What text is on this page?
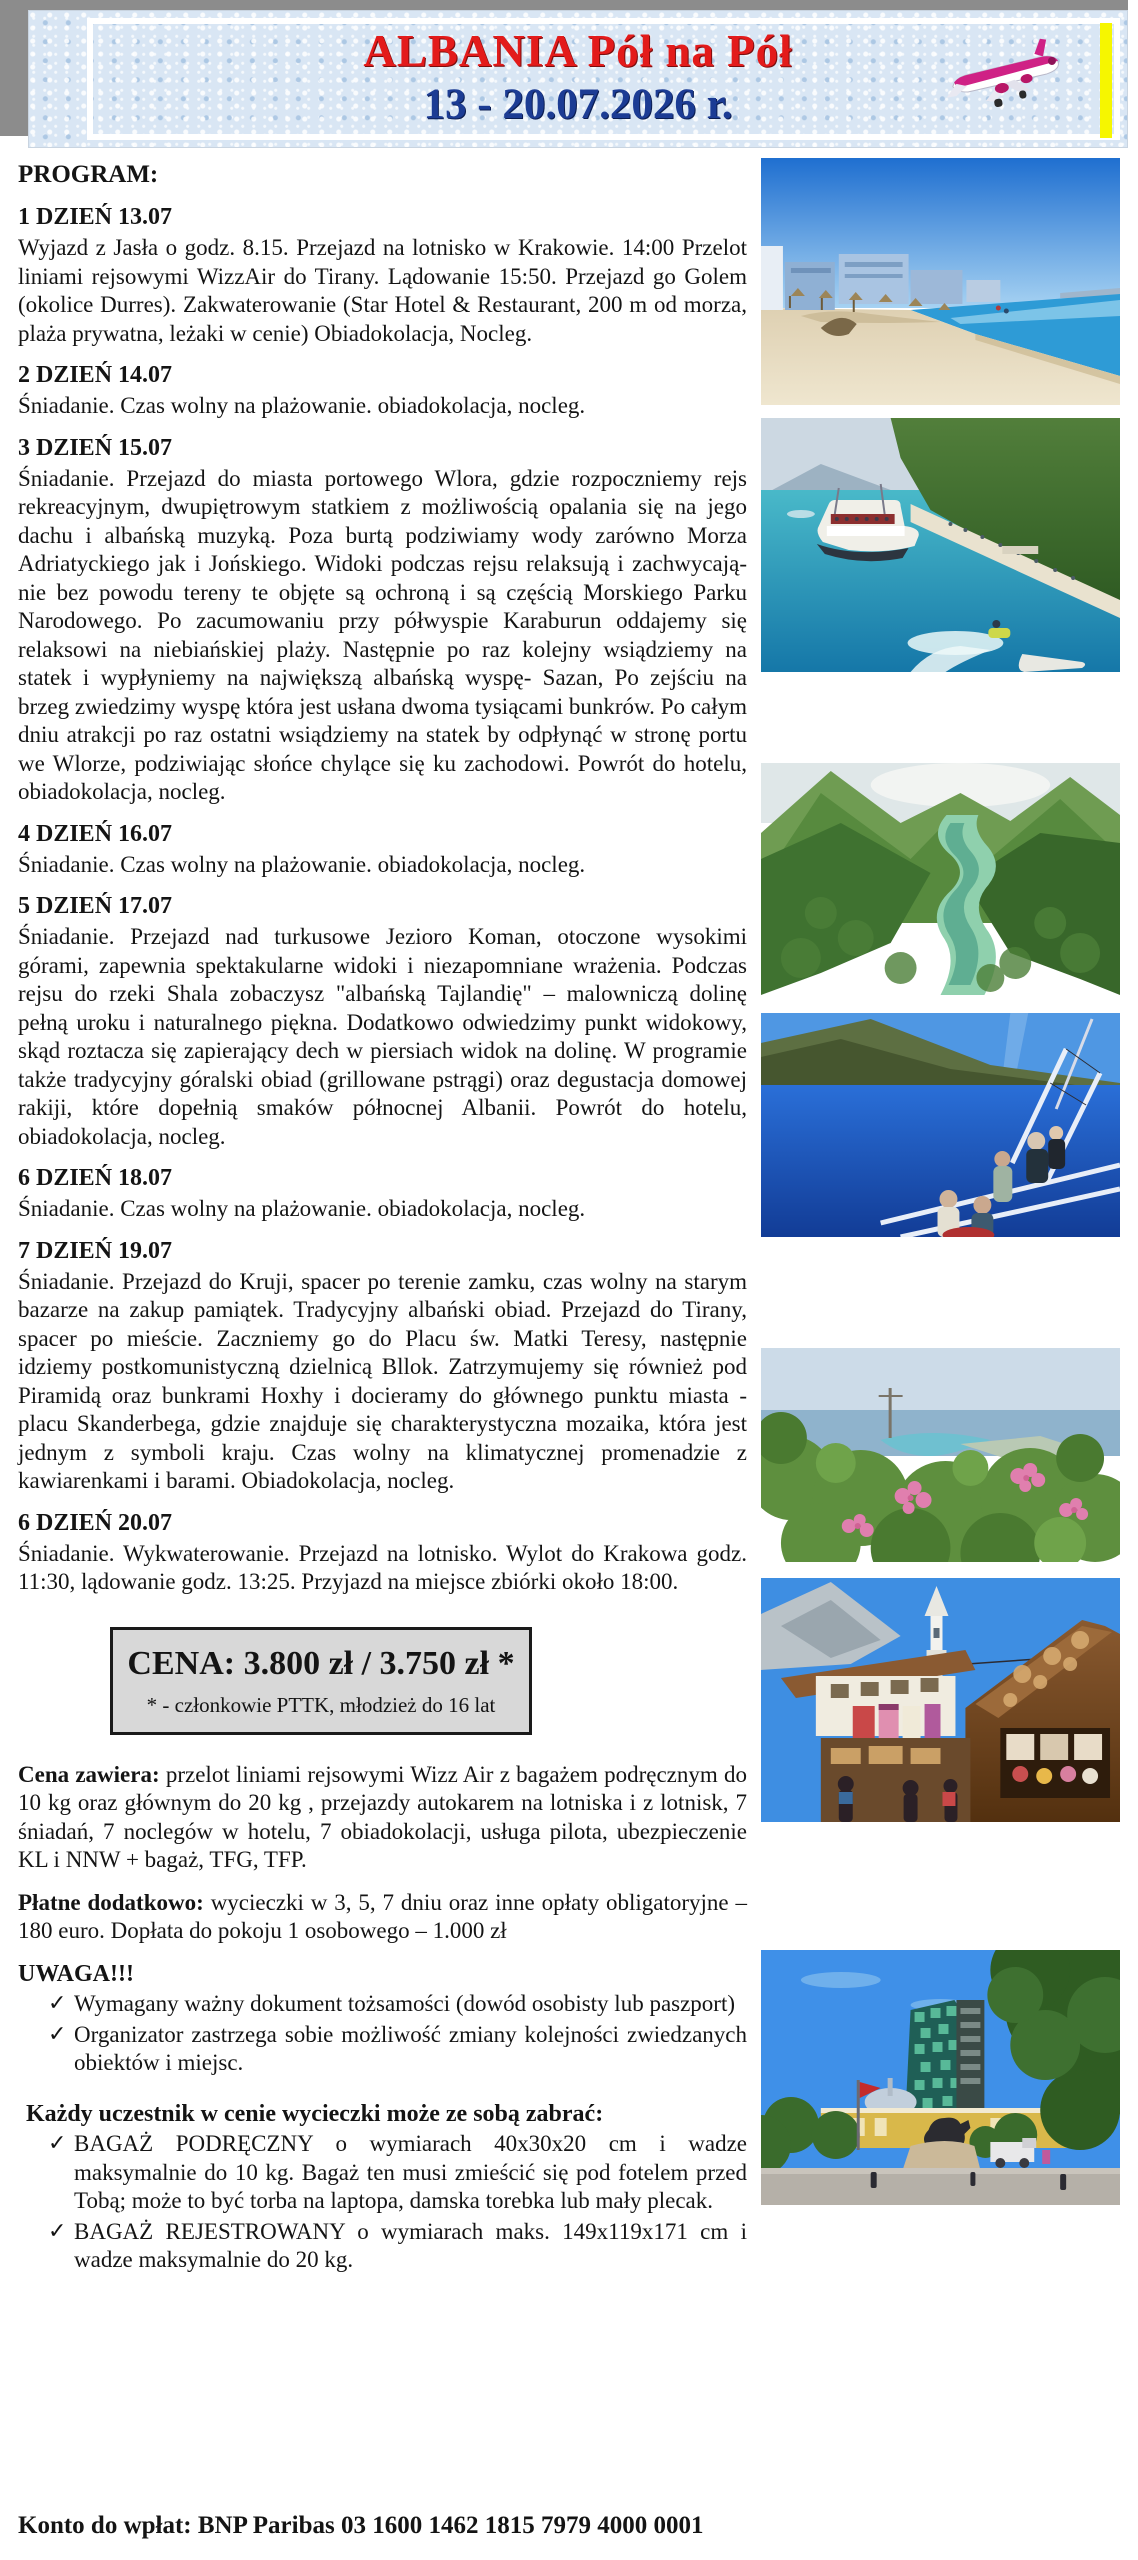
ALBANIA Pół na Pół
13 - 20.07.2026 r.
PROGRAM:
1 DZIEŃ 13.07
Wyjazd z Jasła o godz. 8.15. Przejazd na lotnisko w Krakowie. 14:00 Przelot liniami rejsowymi WizzAir do Tirany. Lądowanie 15:50. Przejazd go Golem (okolice Durres). Zakwaterowanie (Star Hotel & Restaurant, 200 m od morza, plaża prywatna, leżaki w cenie) Obiadokolacja, Nocleg.
2 DZIEŃ 14.07
Śniadanie. Czas wolny na plażowanie. obiadokolacja, nocleg.
3 DZIEŃ 15.07
Śniadanie. Przejazd do miasta portowego Wlora, gdzie rozpoczniemy rejs rekreacyjnym, dwupiętrowym statkiem z możliwością opalania się na jego dachu i albańską muzyką. Poza burtą podziwiamy wody zarówno Morza Adriatyckiego jak i Jońskiego. Widoki podczas rejsu relaksują i zachwycają- nie bez powodu tereny te objęte są ochroną i są częścią Morskiego Parku Narodowego. Po zacumowaniu przy półwyspie Karaburun oddajemy się relaksowi na niebiańskiej plaży. Następnie po raz kolejny wsiądziemy na statek i wypłyniemy na największą albańską wyspę- Sazan, Po zejściu na brzeg zwiedzimy wyspę która jest usłana dwoma tysiącami bunkrów. Po całym dniu atrakcji po raz ostatni wsiądziemy na statek by odpłynąć w stronę portu we Wlorze, podziwiając słońce chylące się ku zachodowi. Powrót do hotelu, obiadokolacja, nocleg.
4 DZIEŃ 16.07
Śniadanie. Czas wolny na plażowanie. obiadokolacja, nocleg.
5 DZIEŃ 17.07
Śniadanie. Przejazd nad turkusowe Jezioro Koman, otoczone wysokimi górami, zapewnia spektakularne widoki i niezapomniane wrażenia. Podczas rejsu do rzeki Shala zobaczysz "albańską Tajlandię" – malowniczą dolinę pełną uroku i naturalnego piękna. Dodatkowo odwiedzimy punkt widokowy, skąd roztacza się zapierający dech w piersiach widok na dolinę. W programie także tradycyjny góralski obiad (grillowane pstrągi) oraz degustacja domowej rakiji, które dopełnią smaków północnej Albanii. Powrót do hotelu, obiadokolacja, nocleg.
6 DZIEŃ 18.07
Śniadanie. Czas wolny na plażowanie. obiadokolacja, nocleg.
7 DZIEŃ 19.07
Śniadanie. Przejazd do Kruji, spacer po terenie zamku, czas wolny na starym bazarze na zakup pamiątek. Tradycyjny albański obiad. Przejazd do Tirany, spacer po mieście. Zaczniemy go do Placu św. Matki Teresy, następnie idziemy postkomunistyczną dzielnicą Bllok. Zatrzymujemy się również pod Piramidą oraz bunkrami Hoxhy i docieramy do głównego punktu miasta - placu Skanderbega, gdzie znajduje się charakterystyczna mozaika, która jest jednym z symboli kraju. Czas wolny na klimatycznej promenadzie z kawiarenkami i barami. Obiadokolacja, nocleg.
6 DZIEŃ 20.07
Śniadanie. Wykwaterowanie. Przejazd na lotnisko. Wylot do Krakowa godz. 11:30, lądowanie godz. 13:25. Przyjazd na miejsce zbiórki około 18:00.
CENA: 3.800 zł / 3.750 zł *
* - członkowie PTTK, młodzież do 16 lat
Cena zawiera: przelot liniami rejsowymi Wizz Air z bagażem podręcznym do 10 kg oraz głównym do 20 kg , przejazdy autokarem na lotniska i z lotnisk, 7 śniadań, 7 noclegów w hotelu, 7 obiadokolacji, usługa pilota, ubezpieczenie KL i NNW + bagaż, TFG, TFP.
Płatne dodatkowo: wycieczki w 3, 5, 7 dniu oraz inne opłaty obligatoryjne – 180 euro. Dopłata do pokoju 1 osobowego – 1.000 zł
UWAGA!!!
✓ Wymagany ważny dokument tożsamości (dowód osobisty lub paszport)
✓ Organizator zastrzega sobie możliwość zmiany kolejności zwiedzanych obiektów i miejsc.
Każdy uczestnik w cenie wycieczki może ze sobą zabrać:
✓ BAGAŻ PODRĘCZNY o wymiarach 40x30x20 cm i wadze maksymalnie do 10 kg. Bagaż ten musi zmieścić się pod fotelem przed Tobą; może to być torba na laptopa, damska torebka lub mały plecak.
✓ BAGAŻ REJESTROWANY o wymiarach maks. 149x119x171 cm i wadze maksymalnie do 20 kg.
Konto do wpłat: BNP Paribas 03 1600 1462 1815 7979 4000 0001
